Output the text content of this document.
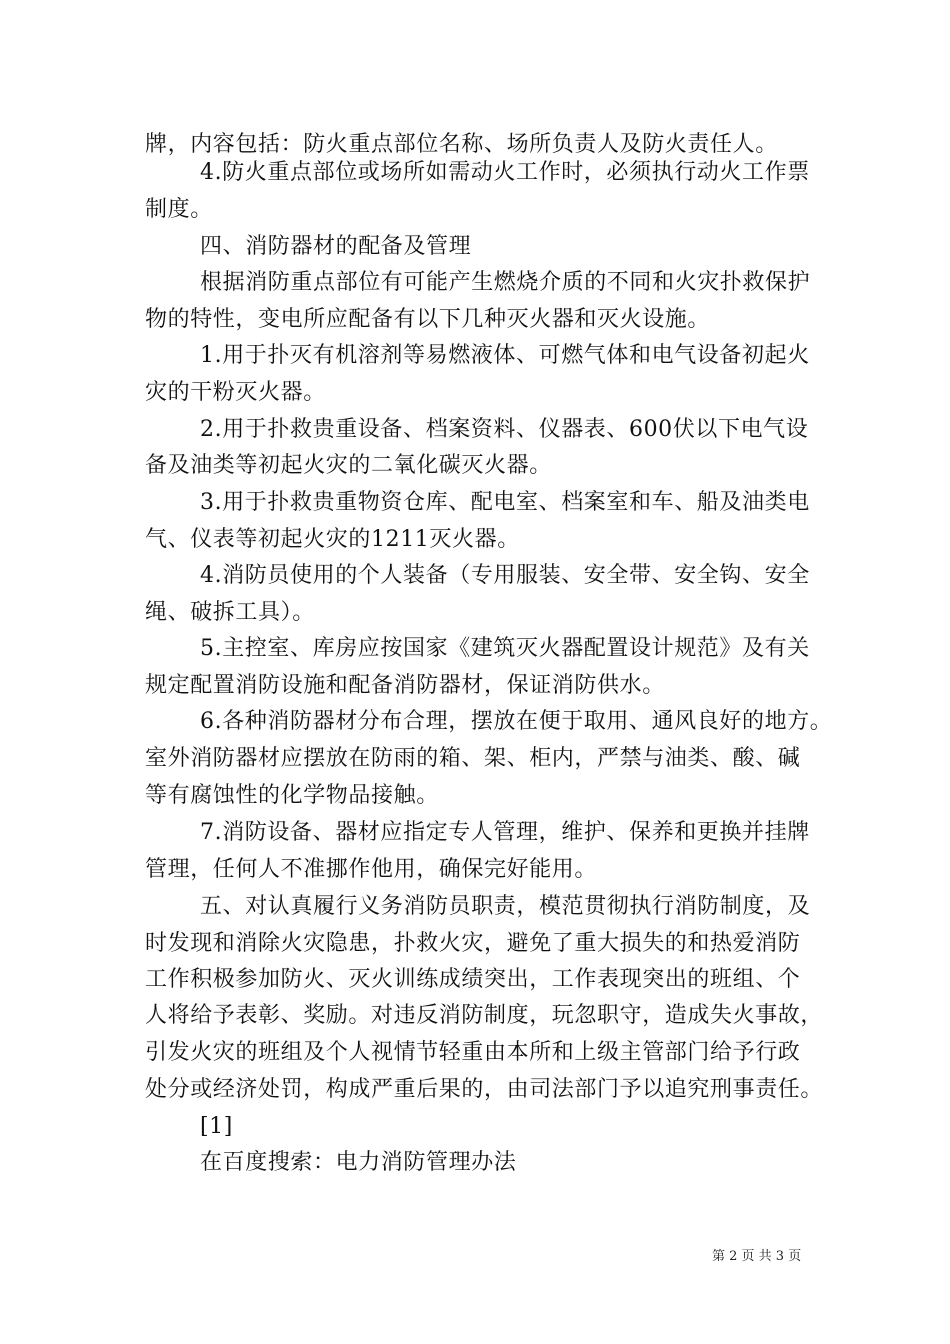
牌，内容包括：防火重点部位名称、场所负责人及防火责任人。
4.防火重点部位或场所如需动火工作时，必须执行动火工作票
制度。
四、消防器材的配备及管理
根据消防重点部位有可能产生燃烧介质的不同和火灾扑救保护
物的特性，变电所应配备有以下几种灭火器和灭火设施。
1.用于扑灭有机溶剂等易燃液体、可燃气体和电气设备初起火
灾的干粉灭火器。
2.用于扑救贵重设备、档案资料、仪器表、600伏以下电气设
备及油类等初起火灾的二氧化碳灭火器。
3.用于扑救贵重物资仓库、配电室、档案室和车、船及油类电
气、仪表等初起火灾的1211灭火器。
4.消防员使用的个人装备（专用服装、安全带、安全钩、安全
绳、破拆工具）。
5.主控室、库房应按国家《建筑灭火器配置设计规范》及有关
规定配置消防设施和配备消防器材，保证消防供水。
6.各种消防器材分布合理，摆放在便于取用、通风良好的地方。
室外消防器材应摆放在防雨的箱、架、柜内，严禁与油类、酸、碱
等有腐蚀性的化学物品接触。
7.消防设备、器材应指定专人管理，维护、保养和更换并挂牌
管理，任何人不准挪作他用，确保完好能用。
五、对认真履行义务消防员职责，模范贯彻执行消防制度，及
时发现和消除火灾隐患，扑救火灾，避免了重大损失的和热爱消防
工作积极参加防火、灭火训练成绩突出，工作表现突出的班组、个
人将给予表彰、奖励。对违反消防制度，玩忽职守，造成失火事故，
引发火灾的班组及个人视情节轻重由本所和上级主管部门给予行政
处分或经济处罚，构成严重后果的，由司法部门予以追究刑事责任。
[1]
在百度搜索：电力消防管理办法
第 2 页 共 3 页
